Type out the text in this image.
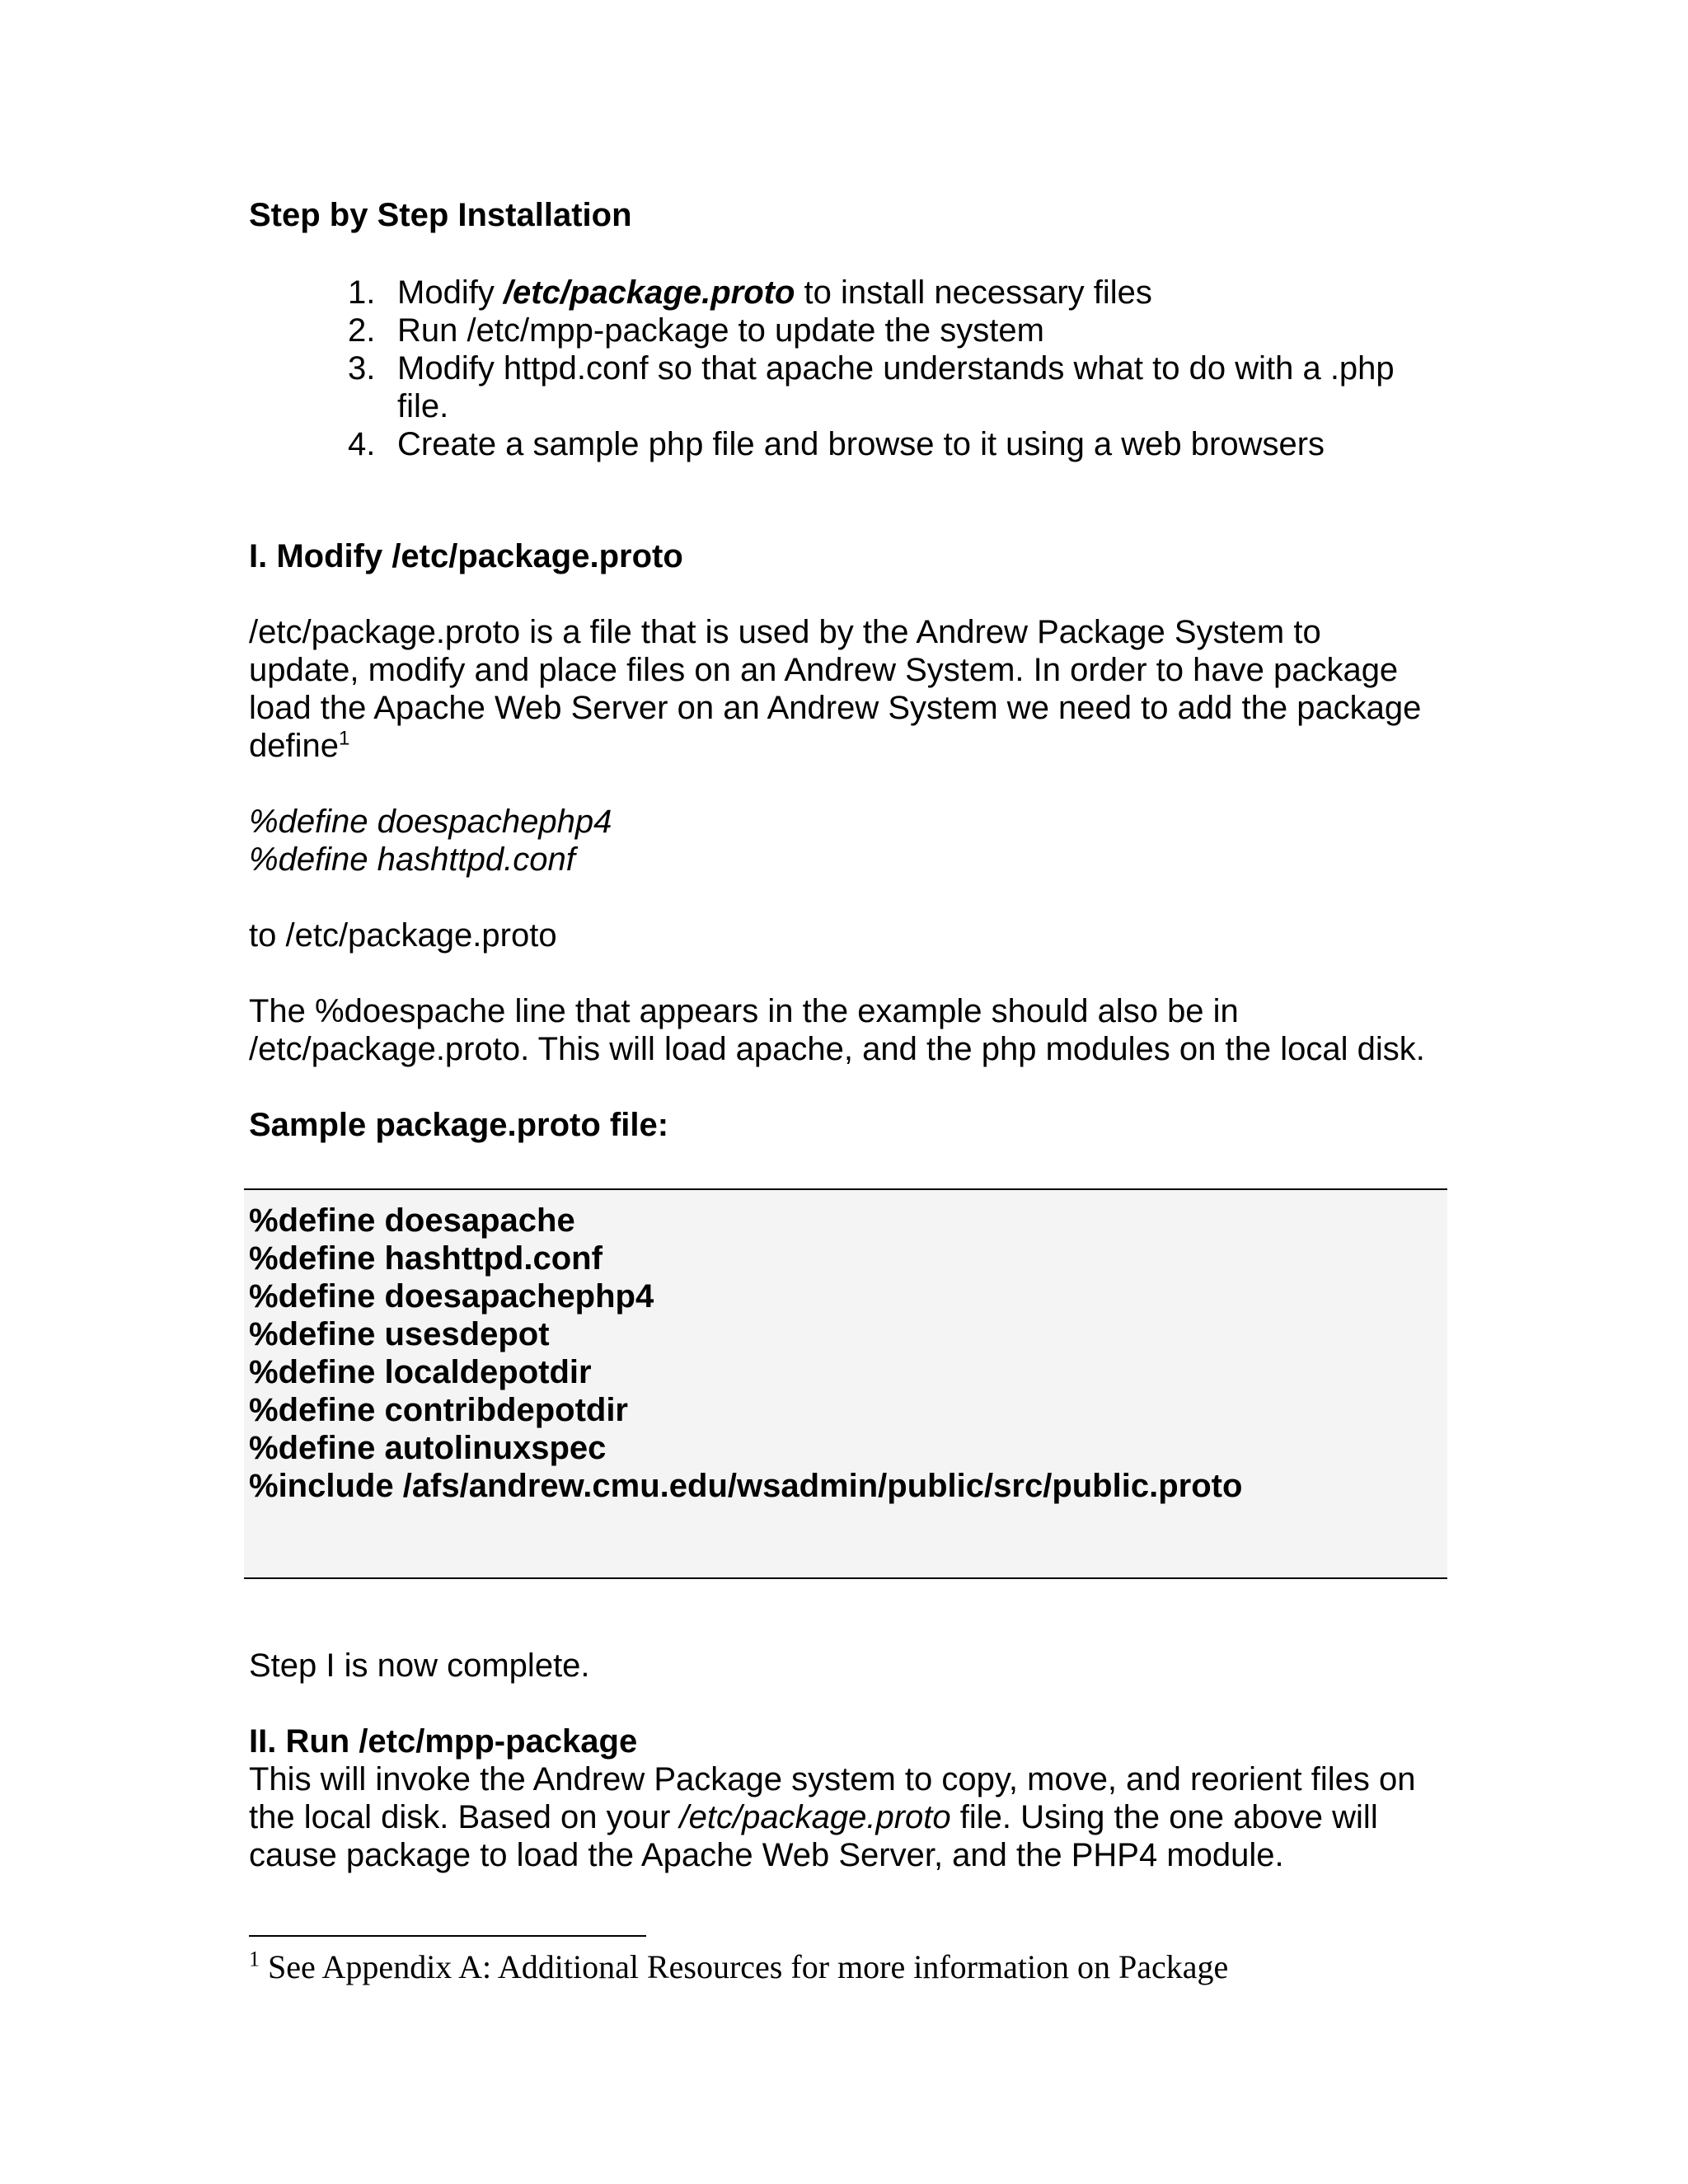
Step by Step Installation
1. Modify /etc/package.proto to install necessary files
2. Run /etc/mpp-package to update the system
3. Modify httpd.conf so that apache understands what to do with a .php
file.
4. Create a sample php file and browse to it using a web browsers
I. Modify /etc/package.proto

/etc/package.proto is a file that is used by the Andrew Package System to
update, modify and place files on an Andrew System. In order to have package
load the Apache Web Server on an Andrew System we need to add the package
define$^1$

%define doespachephp4
%define hashttpd.conf

to /etc/package.proto

The %doespache line that appears in the example should also be in
/etc/package.proto. This will load apache, and the php modules on the local disk.

Sample package.proto file:
%define doesapache
%define hashttpd.conf
%define doesapachephp4
%define usesdepot
%define localdepotdir
%define contribdepotdir
%define autolinuxspec
%include /afs/andrew.cmu.edu/wsadmin/public/src/public.proto

Step I is now complete.

II. Run /etc/mpp-package

This will invoke the Andrew Package system to copy, move, and reorient files on
the local disk. Based on your /etc/package.proto file. Using the one above will
cause package to load the Apache Web Server, and the PHP4 module.

$^1$ See Appendix A: Additional Resources for more information on Package
